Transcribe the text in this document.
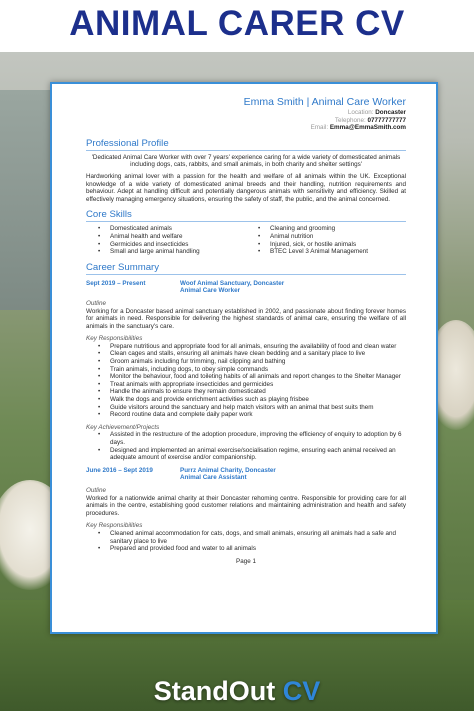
ANIMAL CARER CV
Emma Smith | Animal Care Worker
Location: Doncaster
Telephone: 07777777777
Email: Emma@EmmaSmith.com
Professional Profile
'Dedicated Animal Care Worker with over 7 years' experience caring for a wide variety of domesticated animals including dogs, cats, rabbits, and small animals, in both charity and shelter settings'

Hardworking animal lover with a passion for the health and welfare of all animals within the UK. Exceptional knowledge of a wide variety of domesticated animal breeds and their handling, nutrition requirements and behaviour. Adept at handling difficult and potentially dangerous animals with sensitivity and efficiency. Skilled at effectively managing emergency situations, ensuring the safety of staff, the public, and the animal concerned.

Core Skills
• Domesticated animals
• Animal health and welfare
• Germicides and insecticides
• Small and large animal handling
• Cleaning and grooming
• Animal nutrition
• Injured, sick, or hostile animals
• BTEC Level 3 Animal Management
Career Summary
Sept 2019 – Present	Woof Animal Sanctuary, Doncaster
Animal Care Worker
Outline

Working for a Doncaster based animal sanctuary established in 2002, and passionate about finding forever homes for animals in need. Responsible for delivering the highest standards of animal care, ensuring the welfare of all animals in the sanctuary's care.

Key Responsibilities
• Prepare nutritious and appropriate food for all animals, ensuring the availability of food and clean water
• Clean cages and stalls, ensuring all animals have clean bedding and a sanitary place to live
• Groom animals including fur trimming, nail clipping and bathing
• Train animals, including dogs, to obey simple commands
• Monitor the behaviour, food and toileting habits of all animals and report changes to the Shelter Manager
• Treat animals with appropriate insecticides and germicides
• Handle the animals to ensure they remain domesticated
• Walk the dogs and provide enrichment activities such as playing frisbee
• Guide visitors around the sanctuary and help match visitors with an animal that best suits them
• Record routine data and complete daily paper work
Key Achievement/Projects
• Assisted in the restructure of the adoption procedure, improving the efficiency of enquiry to adoption by 6 days.
• Designed and implemented an animal exercise/socialisation regime, ensuring each animal received an adequate amount of exercise and/or companionship.
June 2016 – Sept 2019	Purrz Animal Charity, Doncaster
Animal Care Assistant
Outline

Worked for a nationwide animal charity at their Doncaster rehoming centre. Responsible for providing care for all animals in the centre, establishing good customer relations and maintaining administration and health and safety procedures.

Key Responsibilities
• Cleaned animal accommodation for cats, dogs, and small animals, ensuring all animals had a safe and sanitary place to live
• Prepared and provided food and water to all animals
Page 1
StandOut CV
